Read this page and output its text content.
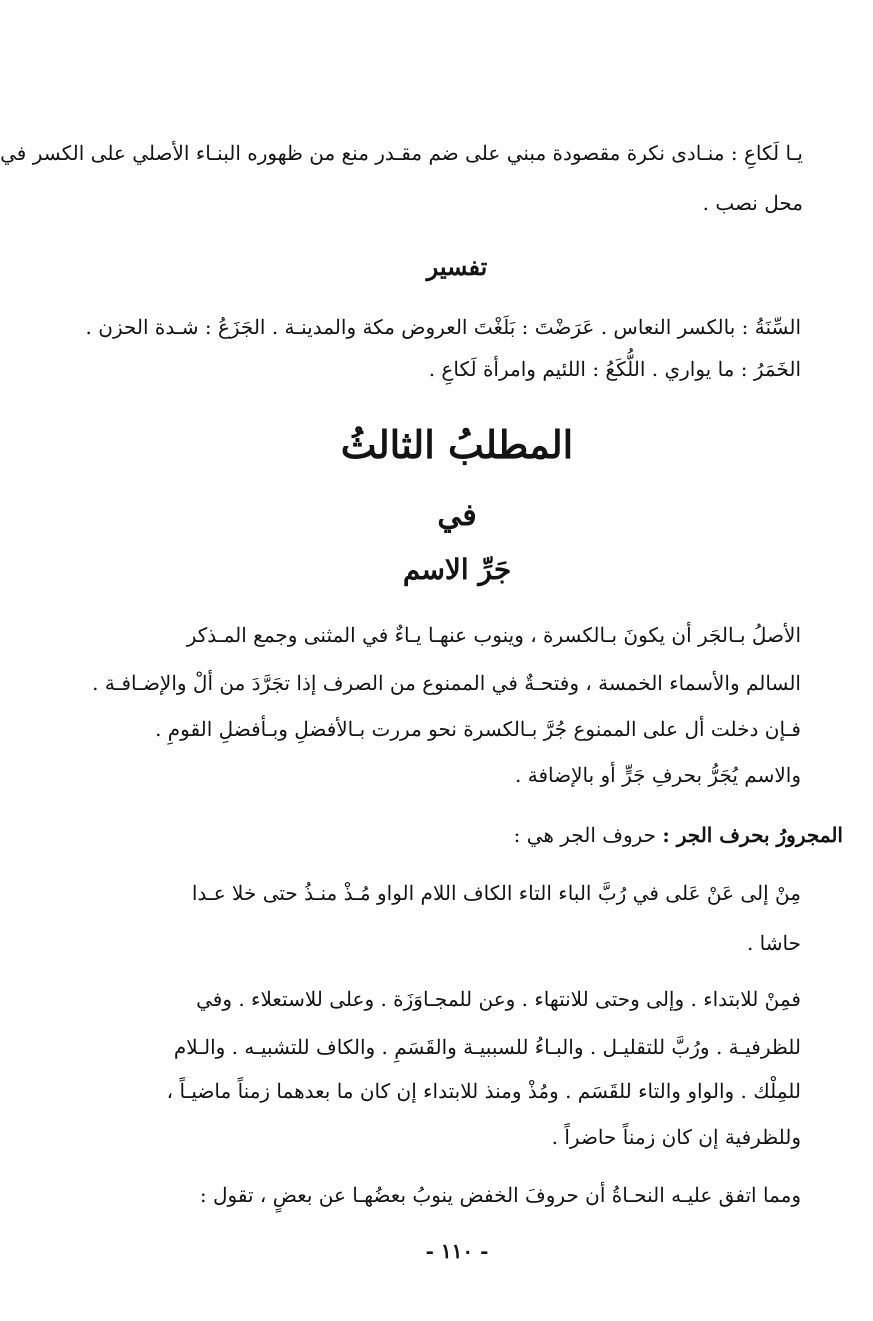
يـا لَكاعِ : منـادى نكرة مقصودة مبني على ضم مقـدر منع من ظهوره البنـاء الأصلي على الكسر في
محل نصب .
تفسير
السِّنَةُ : بالكسر النعاس . عَرَضْتَ : بَلَغْتَ العروض مكة والمدينـة . الجَزَعُ : شـدة الحزن .
الخَمَرُ : ما يواري . اللُّكَعُ : اللئيم وامرأة لَكاعِ .
المطلبُ الثالثُ
في
جَرِّ الاسم
الأصلُ بـالجَر أن يكونَ بـالكسرة ، وينوب عنهـا يـاءٌ في المثنى وجمع المـذكر
السالم والأسماء الخمسة ، وفتحـةٌ في الممنوع من الصرف إذا تجَرَّدَ من ألْ والإضـافـة .
فـإن دخلت أل على الممنوع جُرَّ بـالكسرة نحو مررت بـالأفضلِ وبـأفضلِ القومِ .
والاسم يُجَرُّ بحرفِ جَرٍّ أو بالإضافة .
المجرورُ بحرف الجر : حروف الجر هي :
مِنْ إلى عَنْ عَلى في رُبَّ الباء التاء الكاف اللام الواو مُـذْ منـذُ حتى خلا عـدا
حاشا .
فمِنْ للابتداء . وإلى وحتى للانتهاء . وعن للمجـاوَزَة . وعلى للاستعلاء . وفي
للظرفيـة . ورُبَّ للتقليـل . والبـاءُ للسببيـة والقَسَمِ . والكاف للتشبيـه . والـلام
للمِلْك . والواو والتاء للقَسَم . ومُذْ ومنذ للابتداء إن كان ما بعدهما زمناً ماضيـاً ،
وللظرفية إن كان زمناً حاضراً .
ومما اتفق عليـه النحـاةُ أن حروفَ الخفض ينوبُ بعضُهـا عن بعضٍ ، تقول :
- ١١٠ -
